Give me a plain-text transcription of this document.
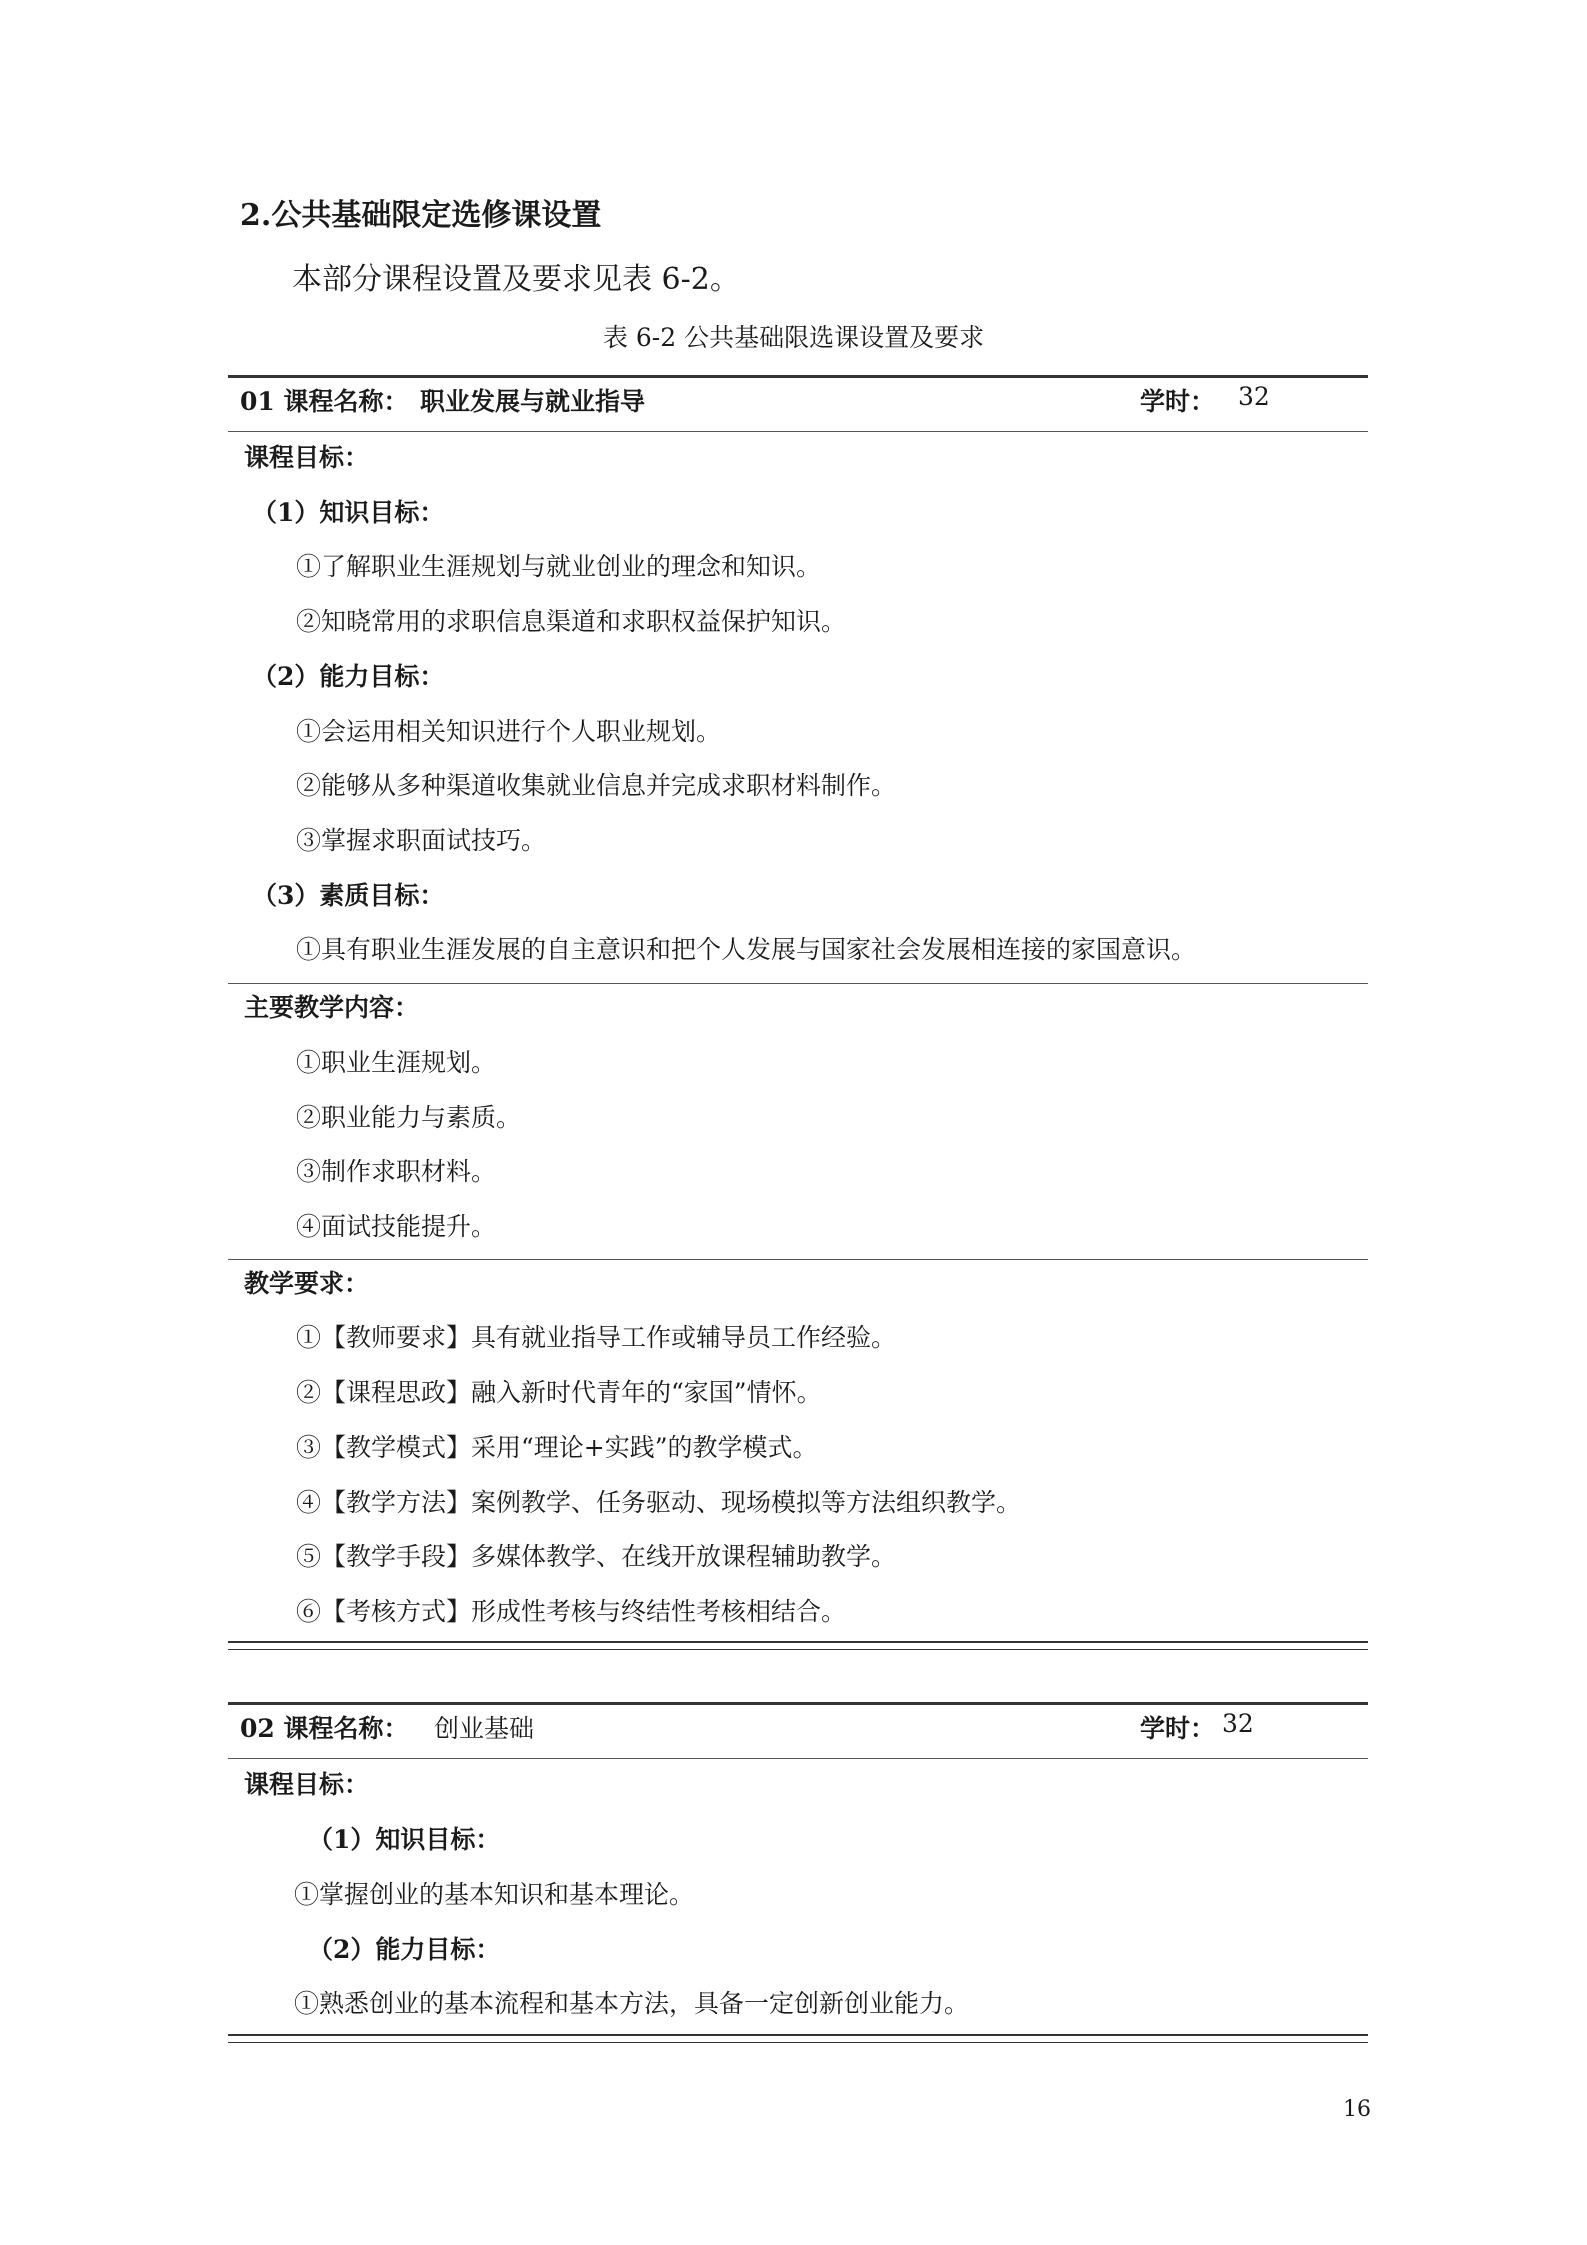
2.公共基础限定选修课设置
本部分课程设置及要求见表 6-2。
表 6-2 公共基础限选课设置及要求
01 课程名称： 职业发展与就业指导	学时： 32
课程目标：
（1）知识目标：
①了解职业生涯规划与就业创业的理念和知识。
②知晓常用的求职信息渠道和求职权益保护知识。
（2）能力目标：
①会运用相关知识进行个人职业规划。
②能够从多种渠道收集就业信息并完成求职材料制作。
③掌握求职面试技巧。
（3）素质目标：
①具有职业生涯发展的自主意识和把个人发展与国家社会发展相连接的家国意识。
主要教学内容：
①职业生涯规划。
②职业能力与素质。
③制作求职材料。
④面试技能提升。
教学要求：
①【教师要求】具有就业指导工作或辅导员工作经验。
②【课程思政】融入新时代青年的“家国”情怀。
③【教学模式】采用“理论+实践”的教学模式。
④【教学方法】案例教学、任务驱动、现场模拟等方法组织教学。
⑤【教学手段】多媒体教学、在线开放课程辅助教学。
⑥【考核方式】形成性考核与终结性考核相结合。
02 课程名称： 创业基础	学时： 32
课程目标：
（1）知识目标：
①掌握创业的基本知识和基本理论。
（2）能力目标：
①熟悉创业的基本流程和基本方法，具备一定创新创业能力。
16
